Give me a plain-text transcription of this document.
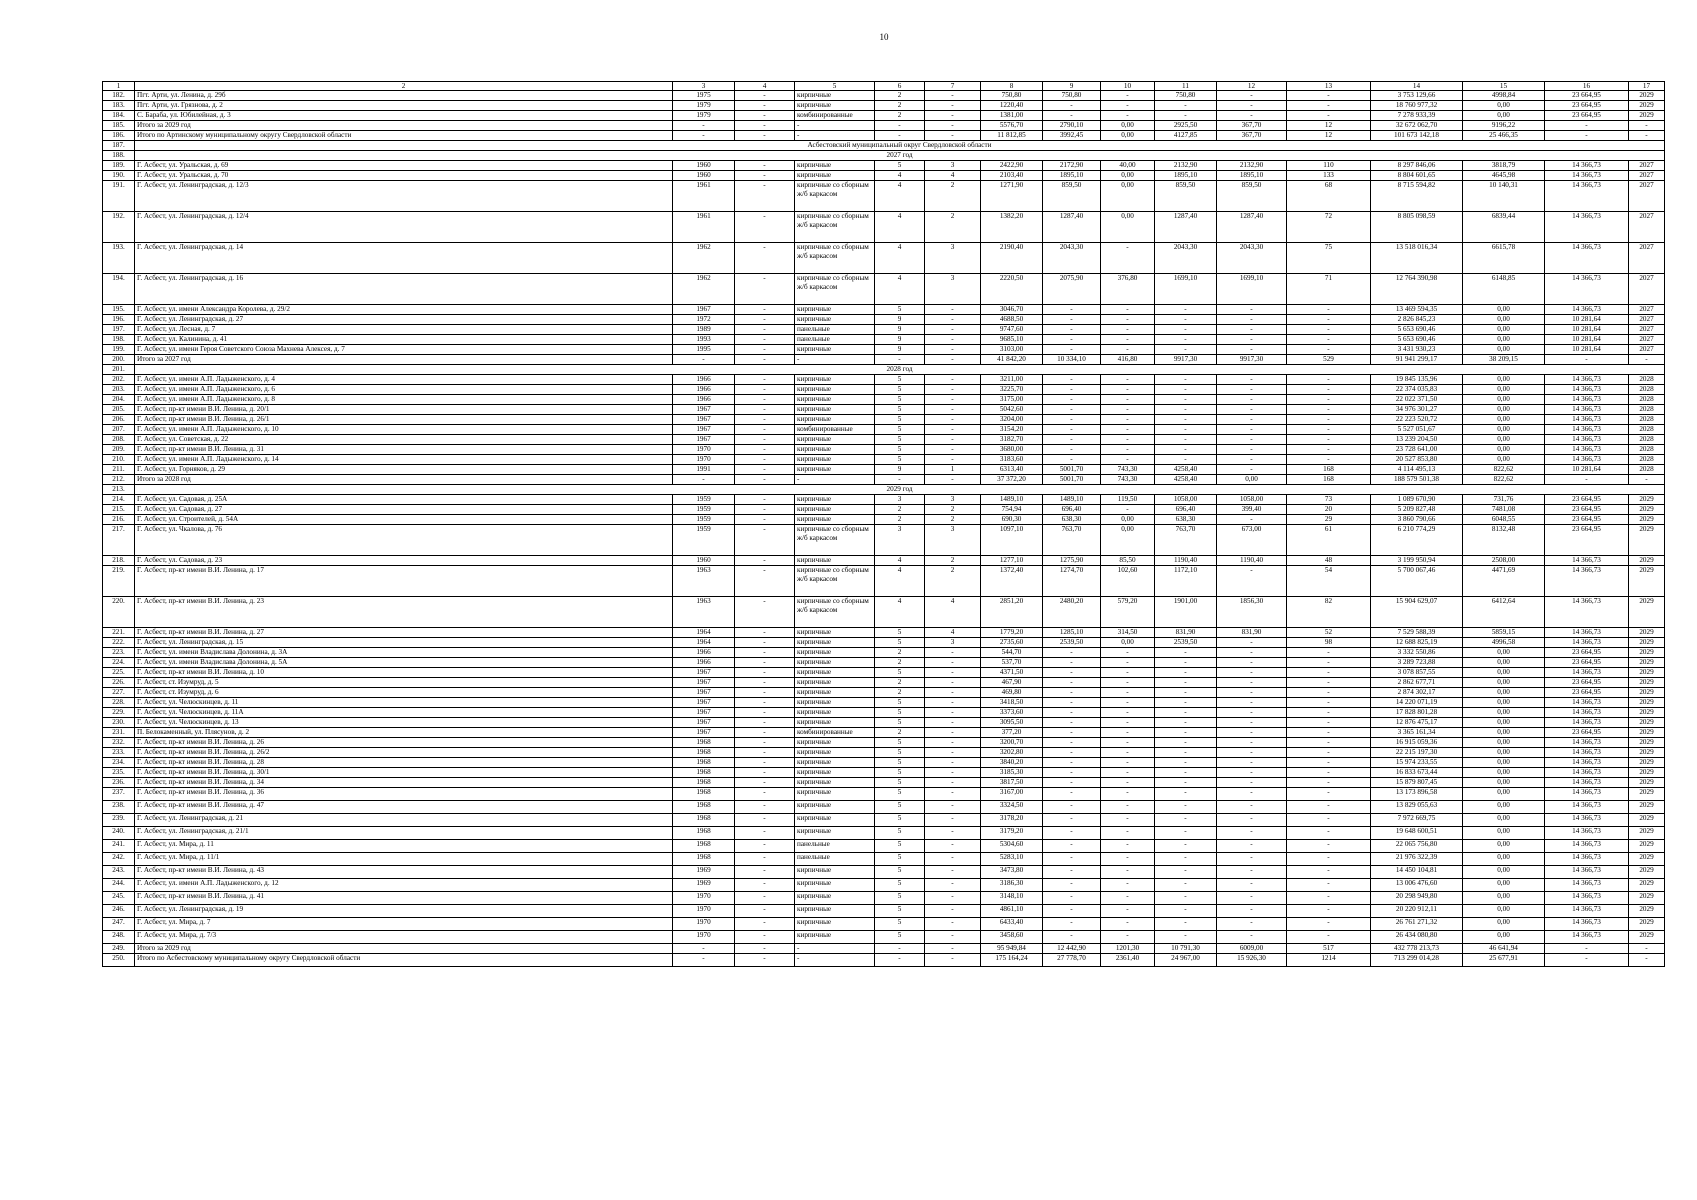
10
1	2	3	4	5	6	7	8	9	10	11	12	13	14	15	16	17
182.	Пгт. Арти, ул. Ленина, д. 29б	1975	-	кирпичные	2	-	750,80	750,80	-	750,80	-	-	3 753 129,66	4998,84	23 664,95	2029
183.	Пгт. Арти, ул. Грязнова, д. 2	1979	-	кирпичные	2	-	1220,40	-	-	-	-	-	18 760 977,32	0,00	23 664,95	2029
184.	С. Бараба, ул. Юбилейная, д. 3	1979	-	комбинированные	2	-	1381,00	-	-	-	-	-	7 278 933,39	0,00	23 664,95	2029
185.	Итого за 2029 год	-	-	-	-	-	5576,70	2790,10	0,00	2925,50	367,70	12	32 672 062,70	9196,22	-	-
186.	Итого по Артинскому муниципальному округу Свердловской области	-	-	-	-	-	11 812,85	3992,45	0,00	4127,85	367,70	12	101 673 142,18	25 466,35	-	-
187.	Асбестовский муниципальный округ Свердловской области															
188.	2027 год															
189.	Г. Асбест, ул. Уральская, д. 69	1960	-	кирпичные	5	3	2422,90	2172,90	40,00	2132,90	2132,90	110	8 297 846,06	3818,79	14 366,73	2027
190.	Г. Асбест, ул. Уральская, д. 70	1960	-	кирпичные	4	4	2103,40	1895,10	0,00	1895,10	1895,10	133	8 804 601,65	4645,98	14 366,73	2027
191.	Г. Асбест, ул. Ленинградская, д. 12/3	1961	-	кирпичные со сборным ж/б каркасом	4	2	1271,90	859,50	0,00	859,50	859,50	68	8 715 594,82	10 140,31	14 366,73	2027
192.	Г. Асбест, ул. Ленинградская, д. 12/4	1961	-	кирпичные со сборным ж/б каркасом	4	2	1382,20	1287,40	0,00	1287,40	1287,40	72	8 805 098,59	6839,44	14 366,73	2027
193.	Г. Асбест, ул. Ленинградская, д. 14	1962	-	кирпичные со сборным ж/б каркасом	4	3	2190,40	2043,30	-	2043,30	2043,30	75	13 518 016,34	6615,78	14 366,73	2027
194.	Г. Асбест, ул. Ленинградская, д. 16	1962	-	кирпичные со сборным ж/б каркасом	4	3	2220,50	2075,90	376,80	1699,10	1699,10	71	12 764 390,98	6148,85	14 366,73	2027
195.	Г. Асбест, ул. имени Александра Королева, д. 29/2	1967	-	кирпичные	5	-	3046,70	-	-	-	-	-	13 469 594,35	0,00	14 366,73	2027
196.	Г. Асбест, ул. Ленинградская, д. 27	1972	-	кирпичные	9	-	4688,50	-	-	-	-	-	2 826 845,23	0,00	10 281,64	2027
197.	Г. Асбест, ул. Лесная, д. 7	1989	-	панельные	9	-	9747,60	-	-	-	-	-	5 653 690,46	0,00	10 281,64	2027
198.	Г. Асбест, ул. Калинина, д. 41	1993	-	панельные	9	-	9685,10	-	-	-	-	-	5 653 690,46	0,00	10 281,64	2027
199.	Г. Асбест, ул. имени Героя Советского Союза Махнева Алексея, д. 7	1995	-	кирпичные	9	-	3103,00	-	-	-	-	-	3 431 930,23	0,00	10 281,64	2027
200.	Итого за 2027 год	-	-	-	-	-	41 842,20	10 334,10	416,80	9917,30	9917,30	529	91 941 299,17	38 209,15	-	-
201.	2028 год															
202.	Г. Асбест, ул. имени А.П. Ладыженского, д. 4	1966	-	кирпичные	5	-	3211,00	-	-	-	-	-	19 845 135,96	0,00	14 366,73	2028
203.	Г. Асбест, ул. имени А.П. Ладыженского, д. 6	1966	-	кирпичные	5	-	3225,70	-	-	-	-	-	22 374 035,83	0,00	14 366,73	2028
204.	Г. Асбест, ул. имени А.П. Ладыженского, д. 8	1966	-	кирпичные	5	-	3175,00	-	-	-	-	-	22 022 371,50	0,00	14 366,73	2028
205.	Г. Асбест, пр-кт имени В.И. Ленина, д. 20/1	1967	-	кирпичные	5	-	5042,60	-	-	-	-	-	34 976 301,27	0,00	14 366,73	2028
206.	Г. Асбест, пр-кт имени В.И. Ленина, д. 26/1	1967	-	кирпичные	5	-	3204,00	-	-	-	-	-	22 223 520,72	0,00	14 366,73	2028
207.	Г. Асбест, ул. имени А.П. Ладыженского, д. 10	1967	-	комбинированные	5	-	3154,20	-	-	-	-	-	5 527 051,67	0,00	14 366,73	2028
208.	Г. Асбест, ул. Советская, д. 22	1967	-	кирпичные	5	-	3182,70	-	-	-	-	-	13 239 204,50	0,00	14 366,73	2028
209.	Г. Асбест, пр-кт имени В.И. Ленина, д. 31	1970	-	кирпичные	5	-	3680,00	-	-	-	-	-	23 728 641,00	0,00	14 366,73	2028
210.	Г. Асбест, ул. имени А.П. Ладыженского, д. 14	1970	-	кирпичные	5	-	3183,60	-	-	-	-	-	20 527 853,80	0,00	14 366,73	2028
211.	Г. Асбест, ул. Горняков, д. 29	1991	-	кирпичные	9	1	6313,40	5001,70	743,30	4258,40	-	168	4 114 495,13	822,62	10 281,64	2028
212.	Итого за 2028 год	-	-	-	-	-	37 372,20	5001,70	743,30	4258,40	0,00	168	188 579 501,38	822,62	-	-
213.	2029 год															
214.	Г. Асбест, ул. Садовая, д. 25А	1959	-	кирпичные	3	3	1489,10	1489,10	119,50	1058,00	1058,00	73	1 089 670,90	731,76	23 664,95	2029
215.	Г. Асбест, ул. Садовая, д. 27	1959	-	кирпичные	2	2	754,94	696,40	-	696,40	399,40	20	5 209 827,48	7481,08	23 664,95	2029
216.	Г. Асбест, ул. Строителей, д. 54А	1959	-	кирпичные	2	2	690,30	638,30	0,00	638,30	-	29	3 860 790,66	6048,55	23 664,95	2029
217.	Г. Асбест, ул. Чкалова, д. 76	1959	-	кирпичные со сборным ж/б каркасом	3	3	1097,10	763,70	0,00	763,70	673,00	61	6 210 774,29	8132,48	23 664,95	2029
218.	Г. Асбест, ул. Садовая, д. 23	1960	-	кирпичные	4	2	1277,10	1275,90	85,50	1190,40	1190,40	48	3 199 950,94	2508,00	14 366,73	2029
219.	Г. Асбест, пр-кт имени В.И. Ленина, д. 17	1963	-	кирпичные со сборным ж/б каркасом	4	2	1372,40	1274,70	102,60	1172,10	-	54	5 700 067,46	4471,69	14 366,73	2029
220.	Г. Асбест, пр-кт имени В.И. Ленина, д. 23	1963	-	кирпичные со сборным ж/б каркасом	4	4	2851,20	2480,20	579,20	1901,00	1856,30	82	15 904 629,07	6412,64	14 366,73	2029
221.	Г. Асбест, пр-кт имени В.И. Ленина, д. 27	1964	-	кирпичные	5	4	1779,20	1285,10	314,50	831,90	831,90	52	7 529 588,39	5859,15	14 366,73	2029
222.	Г. Асбест, ул. Ленинградская, д. 15	1964	-	кирпичные	5	3	2735,60	2539,50	0,00	2539,50	-	98	12 688 825,19	4996,58	14 366,73	2029
223.	Г. Асбест, ул. имени Владислава Долонина, д. 3А	1966	-	кирпичные	2	-	544,70	-	-	-	-	-	3 332 550,86	0,00	23 664,95	2029
224.	Г. Асбест, ул. имени Владислава Долонина, д. 5А	1966	-	кирпичные	2	-	537,70	-	-	-	-	-	3 289 723,88	0,00	23 664,95	2029
225.	Г. Асбест, пр-кт имени В.И. Ленина, д. 10	1967	-	кирпичные	5	-	4371,50	-	-	-	-	-	3 078 857,55	0,00	14 366,73	2029
226.	Г. Асбест, ст. Изумруд, д. 5	1967	-	кирпичные	2	-	467,90	-	-	-	-	-	2 862 677,71	0,00	23 664,95	2029
227.	Г. Асбест, ст. Изумруд, д. 6	1967	-	кирпичные	2	-	469,80	-	-	-	-	-	2 874 302,17	0,00	23 664,95	2029
228.	Г. Асбест, ул. Челюскинцев, д. 11	1967	-	кирпичные	5	-	3418,50	-	-	-	-	-	14 220 071,19	0,00	14 366,73	2029
229.	Г. Асбест, ул. Челюскинцев, д. 11А	1967	-	кирпичные	5	-	3373,60	-	-	-	-	-	17 828 801,28	0,00	14 366,73	2029
230.	Г. Асбест, ул. Челюскинцев, д. 13	1967	-	кирпичные	5	-	3095,50	-	-	-	-	-	12 876 475,17	0,00	14 366,73	2029
231.	П. Белокаменный, ул. Плясунов, д. 2	1967	-	комбинированные	2	-	377,20	-	-	-	-	-	3 365 161,34	0,00	23 664,95	2029
232.	Г. Асбест, пр-кт имени В.И. Ленина, д. 26	1968	-	кирпичные	5	-	3200,70	-	-	-	-	-	16 915 059,36	0,00	14 366,73	2029
233.	Г. Асбест, пр-кт имени В.И. Ленина, д. 26/2	1968	-	кирпичные	5	-	3202,80	-	-	-	-	-	22 215 197,30	0,00	14 366,73	2029
234.	Г. Асбест, пр-кт имени В.И. Ленина, д. 28	1968	-	кирпичные	5	-	3840,20	-	-	-	-	-	15 974 233,55	0,00	14 366,73	2029
235.	Г. Асбест, пр-кт имени В.И. Ленина, д. 30/1	1968	-	кирпичные	5	-	3185,30	-	-	-	-	-	16 833 673,44	0,00	14 366,73	2029
236.	Г. Асбест, пр-кт имени В.И. Ленина, д. 34	1968	-	кирпичные	5	-	3817,50	-	-	-	-	-	15 879 807,45	0,00	14 366,73	2029
237.	Г. Асбест, пр-кт имени В.И. Ленина, д. 36	1968	-	кирпичные	5	-	3167,00	-	-	-	-	-	13 173 896,58	0,00	14 366,73	2029
238.	Г. Асбест, пр-кт имени В.И. Ленина, д. 47	1968	-	кирпичные	5	-	3324,50	-	-	-	-	-	13 829 055,63	0,00	14 366,73	2029
239.	Г. Асбест, ул. Ленинградская, д. 21	1968	-	кирпичные	5	-	3178,20	-	-	-	-	-	7 972 669,75	0,00	14 366,73	2029
240.	Г. Асбест, ул. Ленинградская, д. 21/1	1968	-	кирпичные	5	-	3179,20	-	-	-	-	-	19 648 600,51	0,00	14 366,73	2029
241.	Г. Асбест, ул. Мира, д. 11	1968	-	панельные	5	-	5304,60	-	-	-	-	-	22 065 756,80	0,00	14 366,73	2029
242.	Г. Асбест, ул. Мира, д. 11/1	1968	-	панельные	5	-	5283,10	-	-	-	-	-	21 976 322,39	0,00	14 366,73	2029
243.	Г. Асбест, пр-кт имени В.И. Ленина, д. 43	1969	-	кирпичные	5	-	3473,80	-	-	-	-	-	14 450 104,81	0,00	14 366,73	2029
244.	Г. Асбест, ул. имени А.П. Ладыженского, д. 12	1969	-	кирпичные	5	-	3186,30	-	-	-	-	-	13 006 476,60	0,00	14 366,73	2029
245.	Г. Асбест, пр-кт имени В.И. Ленина, д. 41	1970	-	кирпичные	5	-	3148,10	-	-	-	-	-	20 298 949,80	0,00	14 366,73	2029
246.	Г. Асбест, ул. Ленинградская, д. 19	1970	-	кирпичные	5	-	4861,10	-	-	-	-	-	20 220 912,11	0,00	14 366,73	2029
247.	Г. Асбест, ул. Мира, д. 7	1970	-	кирпичные	5	-	6433,40	-	-	-	-	-	26 761 271,32	0,00	14 366,73	2029
248.	Г. Асбест, ул. Мира, д. 7/3	1970	-	кирпичные	5	-	3458,60	-	-	-	-	-	26 434 080,80	0,00	14 366,73	2029
249.	Итого за 2029 год	-	-	-	-	-	95 949,84	12 442,90	1201,30	10 791,30	6009,00	517	432 778 213,73	46 641,94	-	-
250.	Итого по Асбестовскому муниципальному округу Свердловской области	-	-	-	-	-	175 164,24	27 778,70	2361,40	24 967,00	15 926,30	1214	713 299 014,28	25 677,91	-	-
